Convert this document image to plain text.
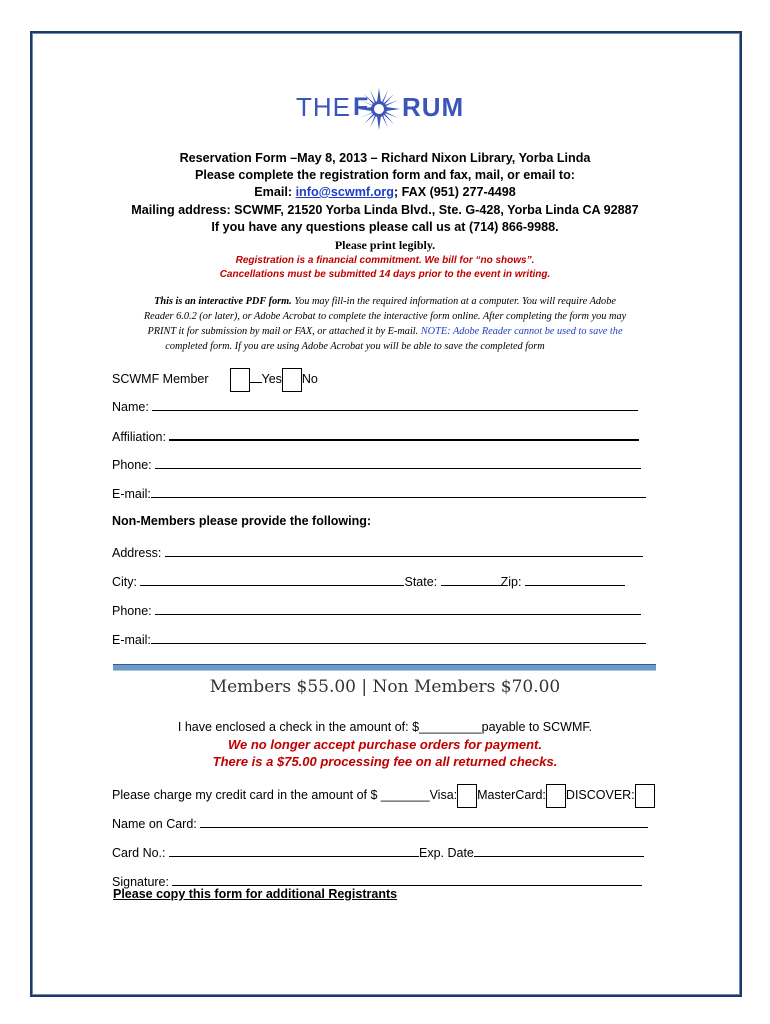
THE F RUM
Reservation Form –May 8, 2013 – Richard Nixon Library, Yorba Linda
Please complete the registration form and fax, mail, or email to:
Email: info@scwmf.org; FAX (951) 277-4498
Mailing address: SCWMF, 21520 Yorba Linda Blvd., Ste. G-428, Yorba Linda CA 92887
If you have any questions please call us at (714) 866-9988.
Please print legibly.
Registration is a financial commitment. We bill for “no shows”.
Cancellations must be submitted 14 days prior to the event in writing.
This is an interactive PDF form. You may fill-in the required information at a computer. You will require Adobe
Reader 6.0.2 (or later), or Adobe Acrobat to complete the interactive form online. After completing the form you may
PRINT it for submission by mail or FAX, or attached it by E-mail. NOTE: Adobe Reader cannot be used to save the
completed form. If you are using Adobe Acrobat you will be able to save the completed form
SCWMF Member	Yes No
Name:
Affiliation:
Phone:
E-mail:
Non-Members please provide the following:
Address:
City:	State:	Zip:
Phone:
E-mail:
Members $55.00 | Non Members $70.00
I have enclosed a check in the amount of: $_________payable to SCWMF.
We no longer accept purchase orders for payment.
There is a $75.00 processing fee on all returned checks.
Please charge my credit card in the amount of $ _______Visa: MasterCard: DISCOVER:
Name on Card:
Card No.:	Exp. Date
Signature:
Please copy this form for additional Registrants
